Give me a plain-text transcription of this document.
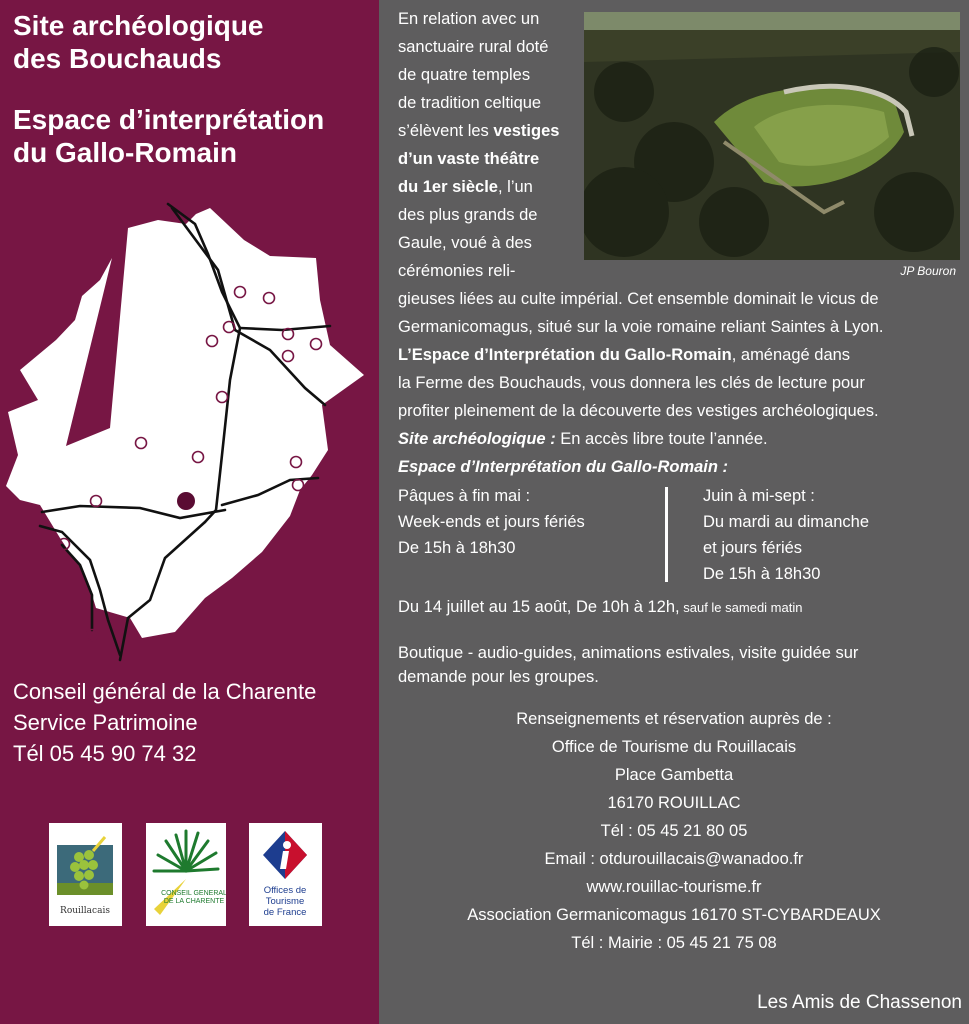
Site archéologique
des Bouchauds
Espace d’interprétation
du Gallo-Romain
Conseil général de la Charente
Service Patrimoine
Tél 05 45 90 74 32
Rouillacais
CONSEIL GENERAL
DE LA CHARENTE
Offices de
Tourisme
de France
En relation avec un
sanctuaire rural doté
de quatre temples
de tradition celtique
s’élèvent les vestiges
d’un vaste théâtre
du 1er siècle, l’un
des plus grands de
Gaule, voué à des
cérémonies reli-	JP Bouron
gieuses liées au culte impérial. Cet ensemble dominait le vicus de
Germanicomagus, situé sur la voie romaine reliant Saintes à Lyon.
L’Espace d’Interprétation du Gallo-Romain, aménagé dans
la Ferme des Bouchauds, vous donnera les clés de lecture pour
profiter pleinement de la découverte des vestiges archéologiques.
Site archéologique : En accès libre toute l’année.
Espace d’Interprétation du Gallo-Romain :
Pâques à fin mai :
Week-ends et jours fériés
De 15h à 18h30
Juin à mi-sept :
Du mardi au dimanche
et jours fériés
De 15h à 18h30
Du 14 juillet au 15 août, De 10h à 12h, sauf le samedi matin
Boutique - audio-guides, animations estivales, visite guidée sur
demande pour les groupes.
Renseignements et réservation auprès de :
Office de Tourisme du Rouillacais
Place Gambetta
16170 ROUILLAC
Tél : 05 45 21 80 05
Email : otdurouillacais@wanadoo.fr
www.rouillac-tourisme.fr
Association Germanicomagus 16170 ST-CYBARDEAUX
Tél : Mairie : 05 45 21 75 08
Les Amis de Chassenon
